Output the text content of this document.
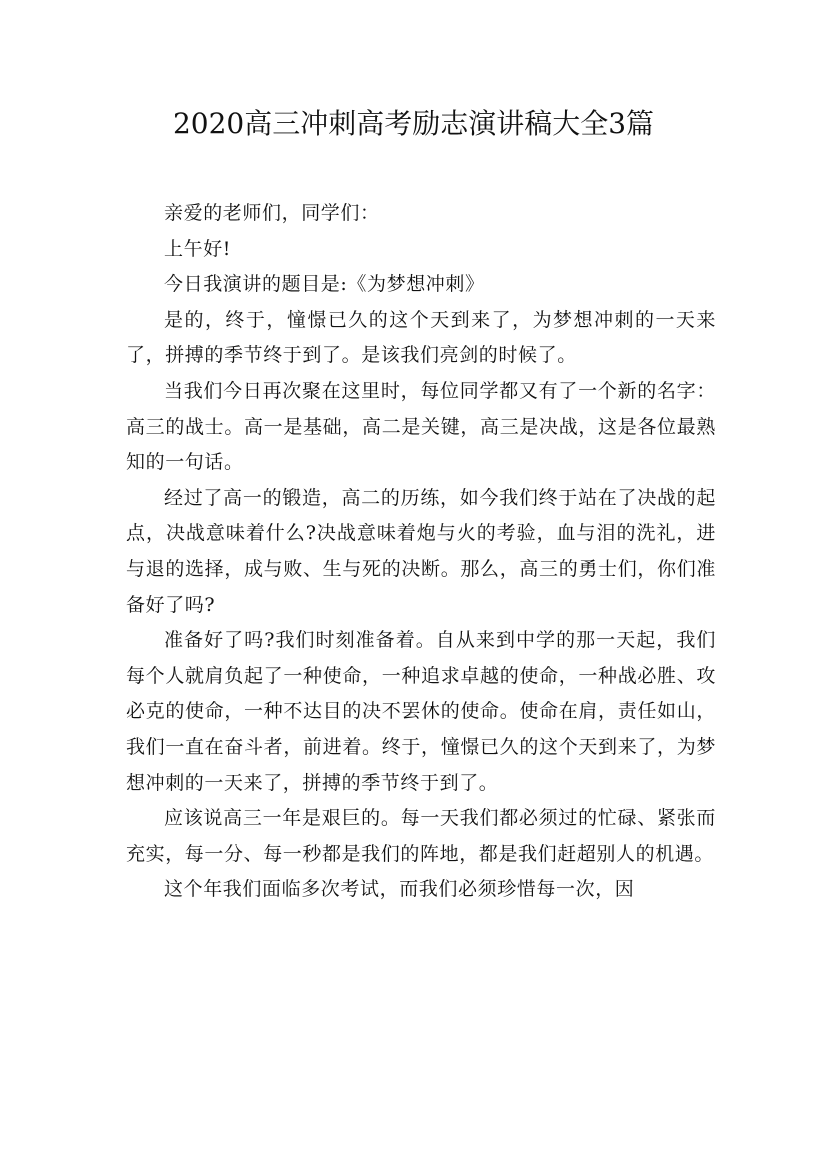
2020高三冲刺高考励志演讲稿大全3篇

亲爱的老师们，同学们：

上午好!

今日我演讲的题目是:《为梦想冲刺》

是的，终于，憧憬已久的这个天到来了，为梦想冲刺的一天来了，拼搏的季节终于到了。是该我们亮剑的时候了。

当我们今日再次聚在这里时，每位同学都又有了一个新的名字：高三的战士。高一是基础，高二是关键，高三是决战，这是各位最熟知的一句话。

经过了高一的锻造，高二的历练，如今我们终于站在了决战的起点，决战意味着什么?决战意味着炮与火的考验，血与泪的洗礼，进与退的选择，成与败、生与死的决断。那么，高三的勇士们，你们准备好了吗?

准备好了吗?我们时刻准备着。自从来到中学的那一天起，我们每个人就肩负起了一种使命，一种追求卓越的使命，一种战必胜、攻必克的使命，一种不达目的决不罢休的使命。使命在肩，责任如山，我们一直在奋斗者，前进着。终于，憧憬已久的这个天到来了，为梦想冲刺的一天来了，拼搏的季节终于到了。

应该说高三一年是艰巨的。每一天我们都必须过的忙碌、紧张而充实，每一分、每一秒都是我们的阵地，都是我们赶超别人的机遇。

这个年我们面临多次考试，而我们必须珍惜每一次，因
